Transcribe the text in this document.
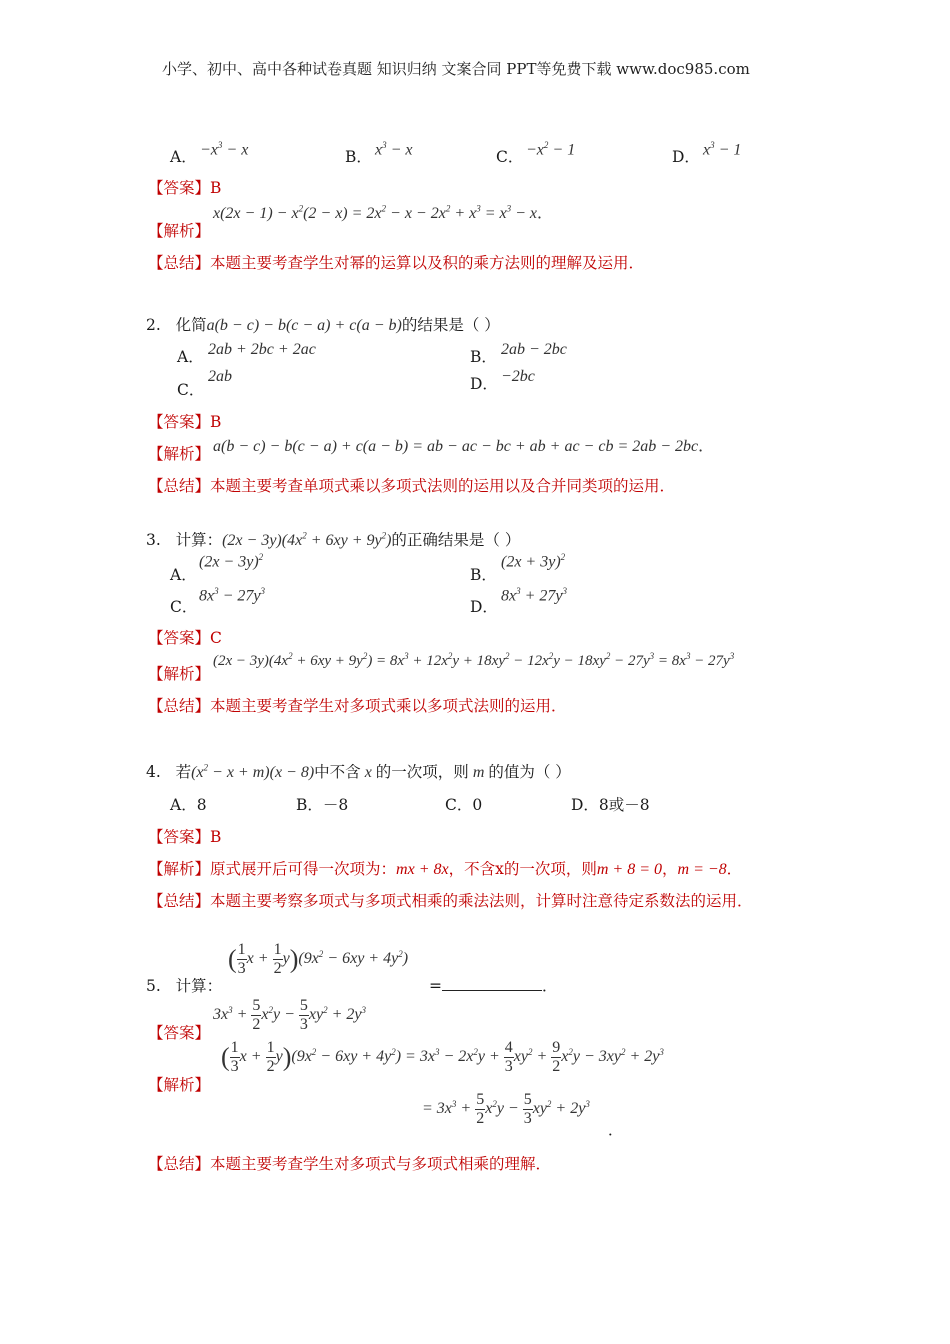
小学、初中、高中各种试卷真题 知识归纳 文案合同 PPT等免费下载 www.doc985.com
A． $-x^3 - x$	B． $x^3 - x$	C． $-x^2 - 1$	D． $x^3 - 1$
【答案】B
$x(2x - 1) - x^2(2 - x) = 2x^2 - x - 2x^2 + x^3 = x^3 - x$．
【解析】
【总结】本题主要考查学生对幂的运算以及积的乘方法则的理解及运用．
2. 化简a(b − c) − b(c − a) + c(a − b)的结果是（ ）
A． 2ab + 2bc + 2ac	B． 2ab − 2bc
C．
2ab	D． −2bc
【答案】B
【解析】 a(b − c) − b(c − a) + c(a − b) = ab − ac − bc + ab + ac − cb = 2ab − 2bc．
【总结】本题主要考查单项式乘以多项式法则的运用以及合并同类项的运用．
3. 计算：$(2x - 3y)(4x^2 + 6xy + 9y^2)$的正确结果是（ ）
A．
$(2x - 3y)^2$
B．
$(2x + 3y)^2$
C．
$8x^3 - 27y^3$
D．
$8x^3 + 27y^3$
【答案】C
$(2x - 3y)(4x^2 + 6xy + 9y^2) = 8x^3 + 12x^2y + 18xy^2 - 12x^2y - 18xy^2 - 27y^3 = 8x^3 - 27y^3$
【解析】
【总结】本题主要考查学生对多项式乘以多项式法则的运用．
4. 若$(x^2 - x + m)(x - 8)$中不含 x 的一次项，则 m 的值为（ ）
A．8	B．－8	C．0	D．8或－8
【答案】B
【解析】原式展开后可得一次项为：mx + 8x，不含x的一次项，则m + 8 = 0，m = −8．
【总结】本题主要考察多项式与多项式相乘的乘法法则，计算时注意待定系数法的运用．
5. 计算：
( $\frac{1}{3}$ $x + \frac{1}{2} y)(9x^2 - 6xy + 4y^2)$
=	．
$3x^3 + \frac{5}{2} x^2y - \frac{5}{3} xy^2 + 2y^3$
【答案】
( $\frac{1}{3}$ $x + \frac{1}{2} y)(9x^2 - 6xy + 4y^2) = 3x^3 - 2x^2y + \frac{4}{3} xy^2 + \frac{9}{2} x^2y - 3xy^2 + 2y^3$
【解析】
= $3x^3 + \frac{5}{2} x^2y - \frac{5}{3} xy^2 + 2y^3$
．
【总结】本题主要考查学生对多项式与多项式相乘的理解．
